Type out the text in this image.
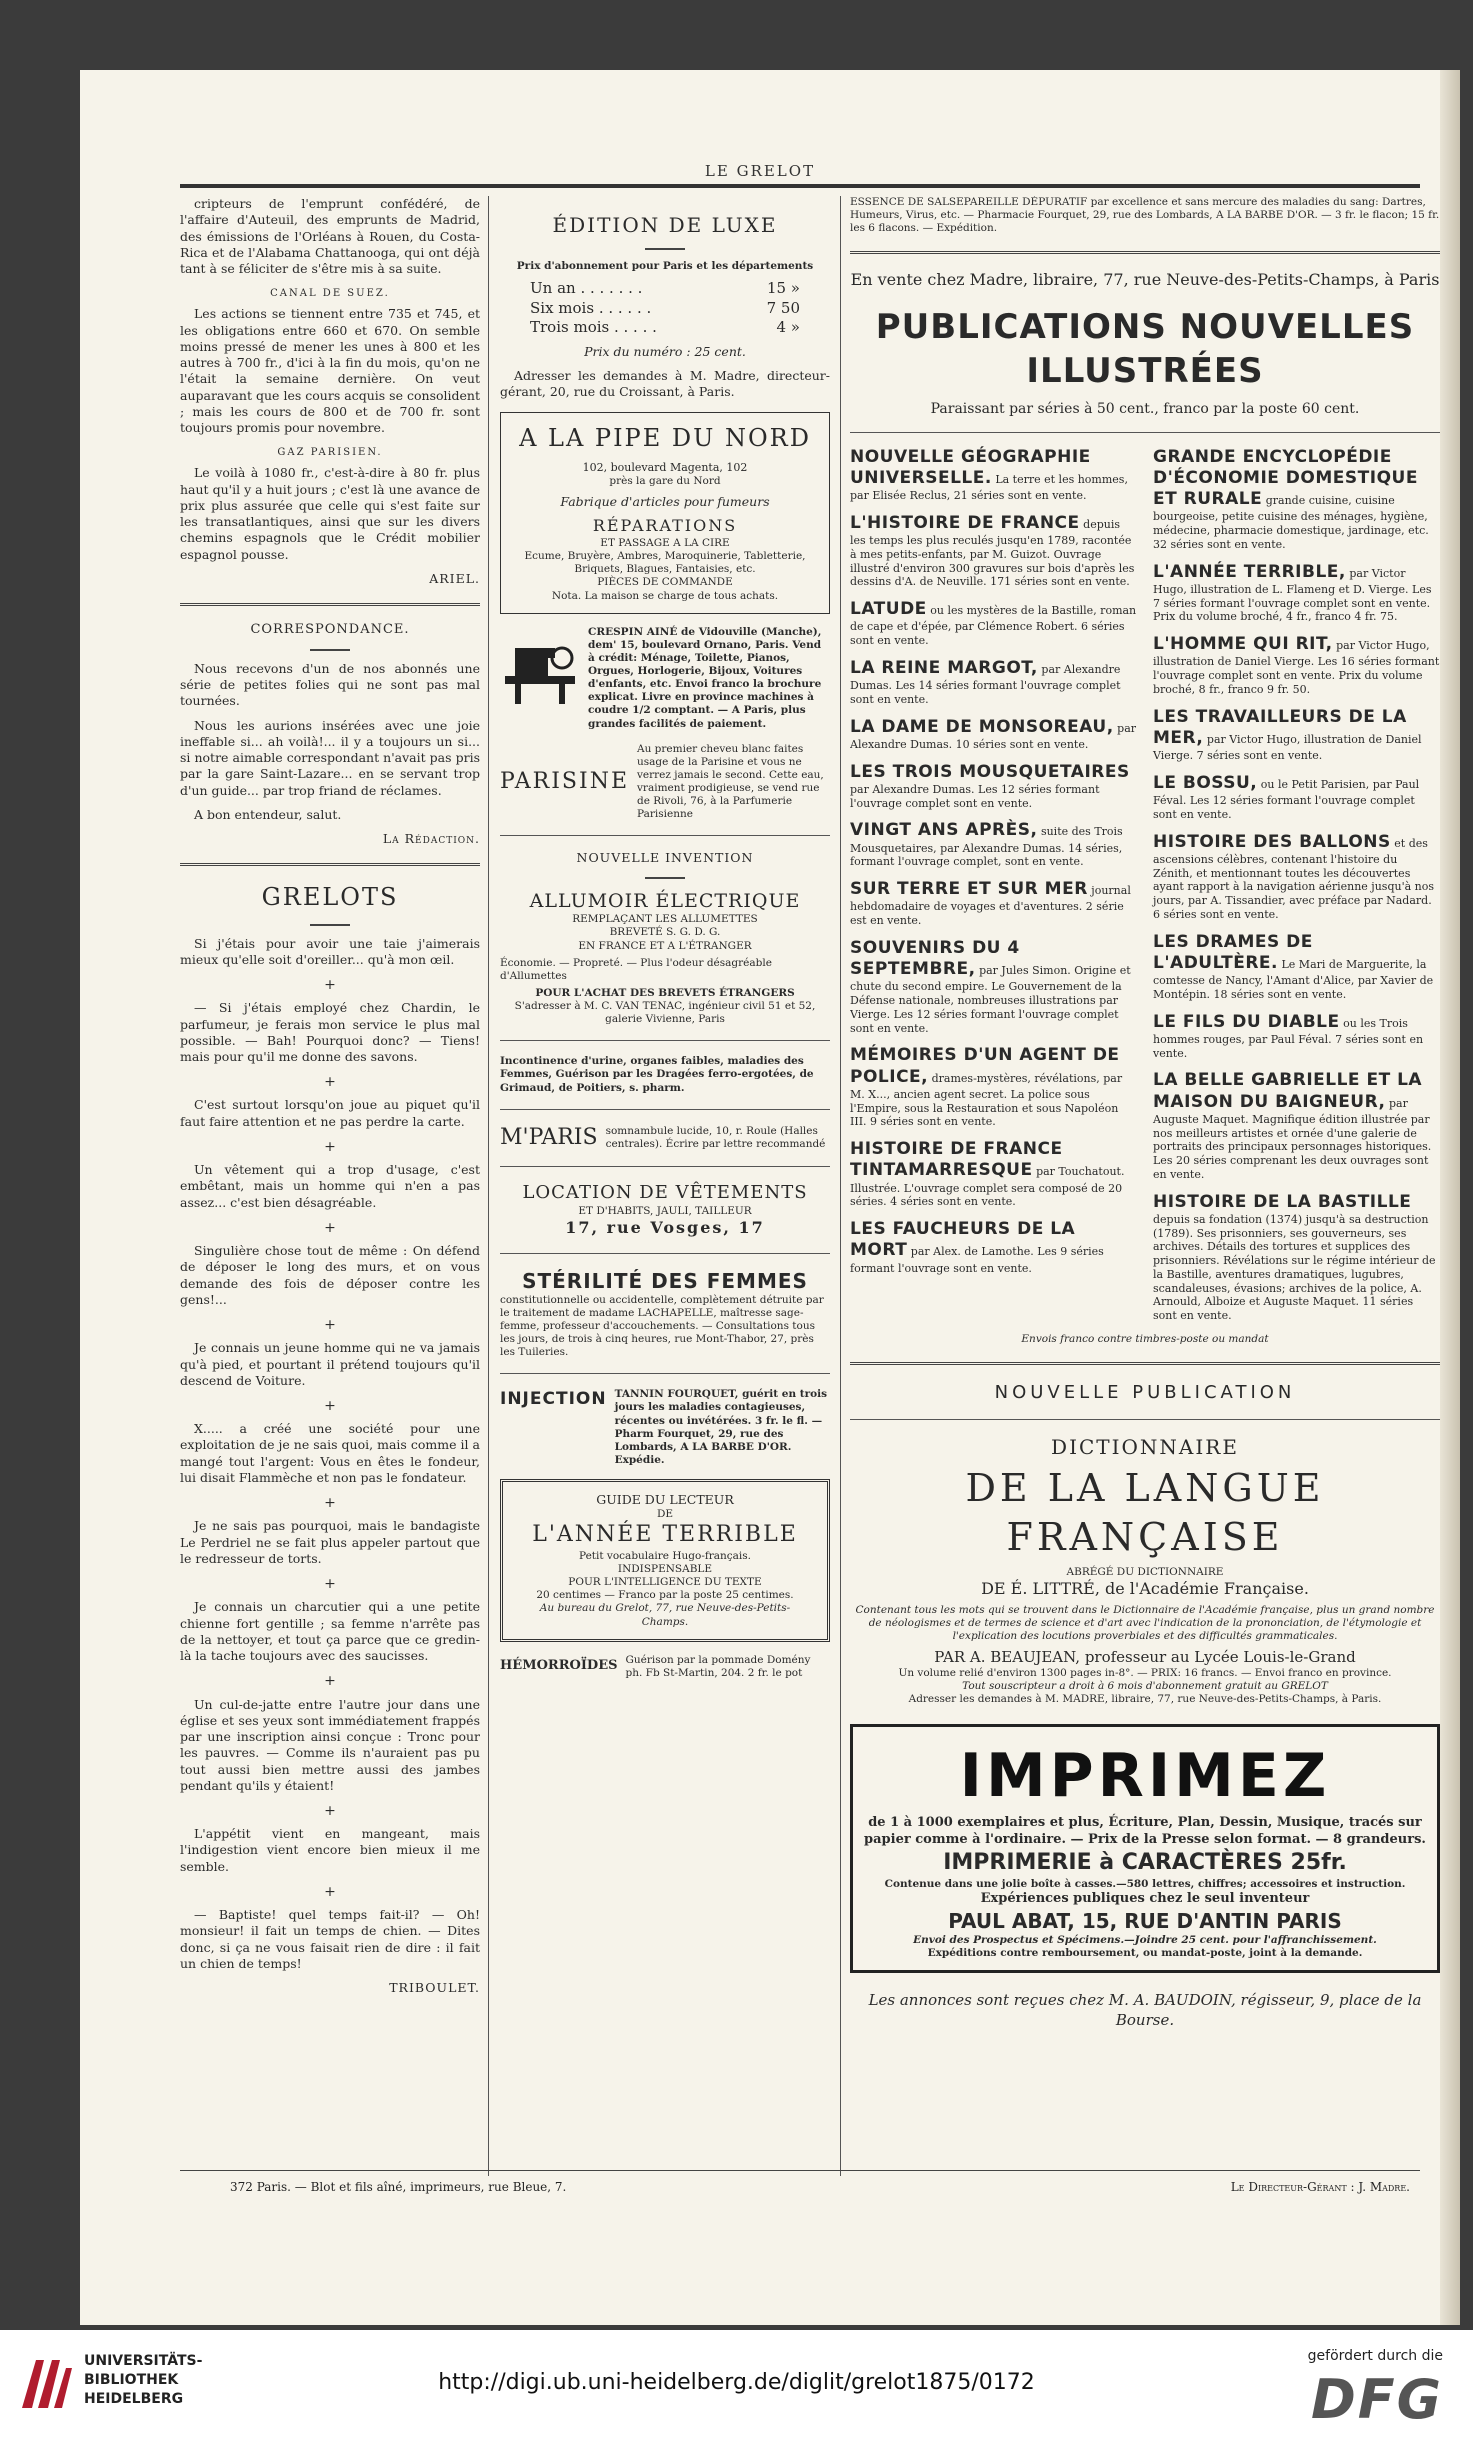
LE GRELOT

cripteurs de l'emprunt confédéré, de l'affaire d'Auteuil, des emprunts de Madrid, des émissions de l'Orléans à Rouen, du Costa-Rica et de l'Alabama Chattanooga, qui ont déjà tant à se féliciter de s'être mis à sa suite.

CANAL DE SUEZ.

Les actions se tiennent entre 735 et 745, et les obligations entre 660 et 670. On semble moins pressé de mener les unes à 800 et les autres à 700 fr., d'ici à la fin du mois, qu'on ne l'était la semaine dernière. On veut auparavant que les cours acquis se consolident ; mais les cours de 800 et de 700 fr. sont toujours promis pour novembre.

GAZ PARISIEN.

Le voilà à 1080 fr., c'est-à-dire à 80 fr. plus haut qu'il y a huit jours ; c'est là une avance de prix plus assurée que celle qui s'est faite sur les transatlantiques, ainsi que sur les divers chemins espagnols que le Crédit mobilier espagnol pousse.

ARIEL.
CORRESPONDANCE.

Nous recevons d'un de nos abonnés une série de petites folies qui ne sont pas mal tournées.

Nous les aurions insérées avec une joie ineffable si... ah voilà!... il y a toujours un si... si notre aimable correspondant n'avait pas pris par la gare Saint-Lazare... en se servant trop d'un guide... par trop friand de réclames.

A bon entendeur, salut.

La Rédaction.
GRELOTS

Si j'étais pour avoir une taie j'aimerais mieux qu'elle soit d'oreiller... qu'à mon œil.

+

— Si j'étais employé chez Chardin, le parfumeur, je ferais mon service le plus mal possible. — Bah! Pourquoi donc? — Tiens! mais pour qu'il me donne des savons.

+

C'est surtout lorsqu'on joue au piquet qu'il faut faire attention et ne pas perdre la carte.

+

Un vêtement qui a trop d'usage, c'est embêtant, mais un homme qui n'en a pas assez... c'est bien désagréable.

+

Singulière chose tout de même : On défend de déposer le long des murs, et on vous demande des fois de déposer contre les gens!...

+

Je connais un jeune homme qui ne va jamais qu'à pied, et pourtant il prétend toujours qu'il descend de Voiture.

+

X..... a créé une société pour une exploitation de je ne sais quoi, mais comme il a mangé tout l'argent: Vous en êtes le fondeur, lui disait Flammèche et non pas le fondateur.

+

Je ne sais pas pourquoi, mais le bandagiste Le Perdriel ne se fait plus appeler partout que le redresseur de torts.

+

Je connais un charcutier qui a une petite chienne fort gentille ; sa femme n'arrête pas de la nettoyer, et tout ça parce que ce gredin-là la tache toujours avec des saucisses.

+

Un cul-de-jatte entre l'autre jour dans une église et ses yeux sont immédiatement frappés par une inscription ainsi conçue : Tronc pour les pauvres. — Comme ils n'auraient pas pu tout aussi bien mettre aussi des jambes pendant qu'ils y étaient!

+

L'appétit vient en mangeant, mais l'indigestion vient encore bien mieux il me semble.

+

— Baptiste! quel temps fait-il? — Oh! monsieur! il fait un temps de chien. — Dites donc, si ça ne vous faisait rien de dire : il fait un chien de temps!

TRIBOULET.
ÉDITION DE LUXE
Prix d'abonnement pour Paris et les départements
Un an . . . . . . .	15 »
Six mois . . . . . .	7 50
Trois mois . . . . .	4 »
Prix du numéro : 25 cent.

Adresser les demandes à M. Madre, directeur-gérant, 20, rue du Croissant, à Paris.

A LA PIPE DU NORD
102, boulevard Magenta, 102
près la gare du Nord
Fabrique d'articles pour fumeurs
RÉPARATIONS
ET PASSAGE A LA CIRE
Ecume, Bruyère, Ambres, Maroquinerie, Tabletterie, Briquets, Blagues, Fantaisies, etc.
PIÈCES DE COMMANDE
Nota. La maison se charge de tous achats.
CRESPIN AINÉ de Vidouville (Manche), dem' 15, boulevard Ornano, Paris. Vend à crédit: Ménage, Toilette, Pianos, Orgues, Horlogerie, Bijoux, Voitures d'enfants, etc. Envoi franco la brochure explicat. Livre en province machines à coudre 1/2 comptant. — A Paris, plus grandes facilités de paiement.
PARISINE
Au premier cheveu blanc faites usage de la Parisine et vous ne verrez jamais le second. Cette eau, vraiment prodigieuse, se vend rue de Rivoli, 76, à la Parfumerie Parisienne
NOUVELLE INVENTION
ALLUMOIR ÉLECTRIQUE
REMPLAÇANT LES ALLUMETTES
BREVETÉ S. G. D. G.
EN FRANCE ET A L'ÉTRANGER
Économie. — Propreté. — Plus l'odeur désagréable d'Allumettes
POUR L'ACHAT DES BREVETS ÉTRANGERS
S'adresser à M. C. VAN TENAC, ingénieur civil 51 et 52, galerie Vivienne, Paris
Incontinence d'urine, organes faibles, maladies des Femmes, Guérison par les Dragées ferro-ergotées, de Grimaud, de Poitiers, s. pharm.
M'PARIS somnambule lucide, 10, r. Roule (Halles centrales). Écrire par lettre recommandé
LOCATION DE VÊTEMENTS
ET D'HABITS, JAULI, TAILLEUR
17, rue Vosges, 17
STÉRILITÉ DES FEMMES
constitutionnelle ou accidentelle, complètement détruite par le traitement de madame LACHAPELLE, maîtresse sage-femme, professeur d'accouchements. — Consultations tous les jours, de trois à cinq heures, rue Mont-Thabor, 27, près les Tuileries.
INJECTION TANNIN FOURQUET, guérit en trois jours les maladies contagieuses, récentes ou invétérées. 3 fr. le fl. — Pharm Fourquet, 29, rue des Lombards, A LA BARBE D'OR. Expédie.
GUIDE DU LECTEUR
DE
L'ANNÉE TERRIBLE
Petit vocabulaire Hugo-français.
INDISPENSABLE
POUR L'INTELLIGENCE DU TEXTE
20 centimes — Franco par la poste 25 centimes.
Au bureau du Grelot, 77, rue Neuve-des-Petits-Champs.
HÉMORROÏDES Guérison par la pommade Domény ph. Fb St-Martin, 204. 2 fr. le pot
ESSENCE DE SALSEPAREILLE DÉPURATIF par excellence et sans mercure des maladies du sang: Dartres, Humeurs, Virus, etc. — Pharmacie Fourquet, 29, rue des Lombards, A LA BARBE D'OR. — 3 fr. le flacon; 15 fr. les 6 flacons. — Expédition.
En vente chez Madre, libraire, 77, rue Neuve-des-Petits-Champs, à Paris
PUBLICATIONS NOUVELLES ILLUSTRÉES
Paraissant par séries à 50 cent., franco par la poste 60 cent.
NOUVELLE GÉOGRAPHIE UNIVERSELLE. La terre et les hommes, par Elisée Reclus, 21 séries sont en vente.
L'HISTOIRE DE FRANCE depuis les temps les plus reculés jusqu'en 1789, racontée à mes petits-enfants, par M. Guizot. Ouvrage illustré d'environ 300 gravures sur bois d'après les dessins d'A. de Neuville. 171 séries sont en vente.
LATUDE ou les mystères de la Bastille, roman de cape et d'épée, par Clémence Robert. 6 séries sont en vente.
LA REINE MARGOT, par Alexandre Dumas. Les 14 séries formant l'ouvrage complet sont en vente.
LA DAME DE MONSOREAU, par Alexandre Dumas. 10 séries sont en vente.
LES TROIS MOUSQUETAIRES par Alexandre Dumas. Les 12 séries formant l'ouvrage complet sont en vente.
VINGT ANS APRÈS, suite des Trois Mousquetaires, par Alexandre Dumas. 14 séries, formant l'ouvrage complet, sont en vente.
SUR TERRE ET SUR MER journal hebdomadaire de voyages et d'aventures. 2 série est en vente.
SOUVENIRS DU 4 SEPTEMBRE, par Jules Simon. Origine et chute du second empire. Le Gouvernement de la Défense nationale, nombreuses illustrations par Vierge. Les 12 séries formant l'ouvrage complet sont en vente.
MÉMOIRES D'UN AGENT DE POLICE, drames-mystères, révélations, par M. X..., ancien agent secret. La police sous l'Empire, sous la Restauration et sous Napoléon III. 9 séries sont en vente.
HISTOIRE DE FRANCE TINTAMARRESQUE par Touchatout. Illustrée. L'ouvrage complet sera composé de 20 séries. 4 séries sont en vente.
LES FAUCHEURS DE LA MORT par Alex. de Lamothe. Les 9 séries formant l'ouvrage sont en vente.
GRANDE ENCYCLOPÉDIE D'ÉCONOMIE DOMESTIQUE ET RURALE grande cuisine, cuisine bourgeoise, petite cuisine des ménages, hygiène, médecine, pharmacie domestique, jardinage, etc. 32 séries sont en vente.
L'ANNÉE TERRIBLE, par Victor Hugo, illustration de L. Flameng et D. Vierge. Les 7 séries formant l'ouvrage complet sont en vente. Prix du volume broché, 4 fr., franco 4 fr. 75.
L'HOMME QUI RIT, par Victor Hugo, illustration de Daniel Vierge. Les 16 séries formant l'ouvrage complet sont en vente. Prix du volume broché, 8 fr., franco 9 fr. 50.
LES TRAVAILLEURS DE LA MER, par Victor Hugo, illustration de Daniel Vierge. 7 séries sont en vente.
LE BOSSU, ou le Petit Parisien, par Paul Féval. Les 12 séries formant l'ouvrage complet sont en vente.
HISTOIRE DES BALLONS et des ascensions célèbres, contenant l'histoire du Zénith, et mentionnant toutes les découvertes ayant rapport à la navigation aérienne jusqu'à nos jours, par A. Tissandier, avec préface par Nadard. 6 séries sont en vente.
LES DRAMES DE L'ADULTÈRE. Le Mari de Marguerite, la comtesse de Nancy, l'Amant d'Alice, par Xavier de Montépin. 18 séries sont en vente.
LE FILS DU DIABLE ou les Trois hommes rouges, par Paul Féval. 7 séries sont en vente.
LA BELLE GABRIELLE ET LA MAISON DU BAIGNEUR, par Auguste Maquet. Magnifique édition illustrée par nos meilleurs artistes et ornée d'une galerie de portraits des principaux personnages historiques. Les 20 séries comprenant les deux ouvrages sont en vente.
HISTOIRE DE LA BASTILLE depuis sa fondation (1374) jusqu'à sa destruction (1789). Ses prisonniers, ses gouverneurs, ses archives. Détails des tortures et supplices des prisonniers. Révélations sur le régime intérieur de la Bastille, aventures dramatiques, lugubres, scandaleuses, évasions; archives de la police, A. Arnould, Alboize et Auguste Maquet. 11 séries sont en vente.
Envois franco contre timbres-poste ou mandat
NOUVELLE PUBLICATION
DICTIONNAIRE
DE LA LANGUE FRANÇAISE
ABRÉGÉ DU DICTIONNAIRE
DE É. LITTRÉ, de l'Académie Française.
Contenant tous les mots qui se trouvent dans le Dictionnaire de l'Académie française, plus un grand nombre de néologismes et de termes de science et d'art avec l'indication de la prononciation, de l'étymologie et l'explication des locutions proverbiales et des difficultés grammaticales.
PAR A. BEAUJEAN, professeur au Lycée Louis-le-Grand
Un volume relié d'environ 1300 pages in-8°. — PRIX: 16 francs. — Envoi franco en province.
Tout souscripteur a droit à 6 mois d'abonnement gratuit au GRELOT
Adresser les demandes à M. MADRE, libraire, 77, rue Neuve-des-Petits-Champs, à Paris.
IMPRIMEZ
de 1 à 1000 exemplaires et plus, Écriture, Plan, Dessin, Musique, tracés sur papier comme à l'ordinaire. — Prix de la Presse selon format. — 8 grandeurs.
IMPRIMERIE à CARACTÈRES 25fr.
Contenue dans une jolie boîte à casses.—580 lettres, chiffres; accessoires et instruction.
Expériences publiques chez le seul inventeur
PAUL ABAT, 15, RUE D'ANTIN PARIS
Envoi des Prospectus et Spécimens.—Joindre 25 cent. pour l'affranchissement.
Expéditions contre remboursement, ou mandat-poste, joint à la demande.
Les annonces sont reçues chez M. A. BAUDOIN, régisseur, 9, place de la Bourse.
372 Paris. — Blot et fils aîné, imprimeurs, rue Bleue, 7.	Le Directeur-Gérant : J. Madre.
UNIVERSITÄTS-
BIBLIOTHEK
HEIDELBERG
http://digi.ub.uni-heidelberg.de/diglit/grelot1875/0172
gefördert durch die
DFG
